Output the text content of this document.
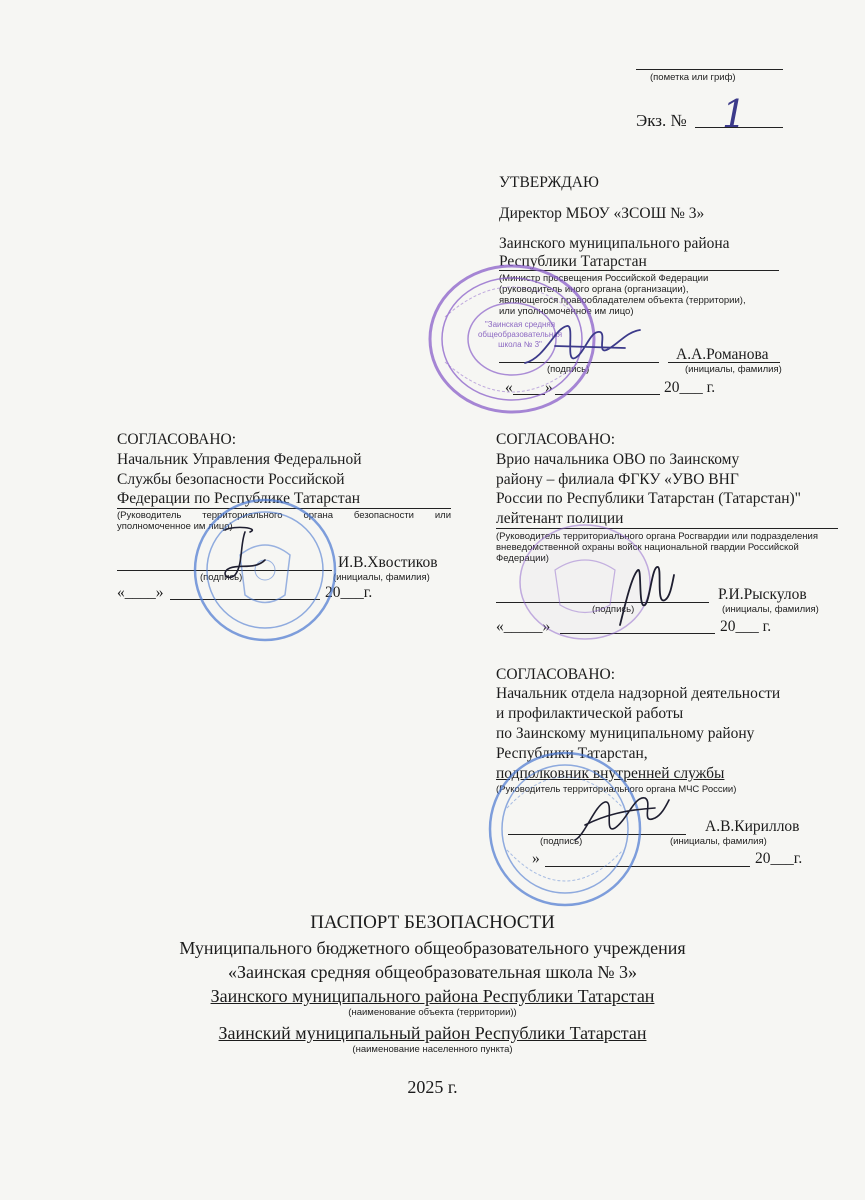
(пометка или гриф)
Экз. № 1
УТВЕРЖДАЮ
Директор МБОУ «ЗСОШ № 3»
Заинского муниципального района
Республики Татарстан
(Министр просвещения Российской Федерации
(руководитель иного органа (организации),
являющегося правообладателем объекта (территории),
или уполномоченное им лицо)
А.А.Романова
(подпись)	(инициалы, фамилия)
« »	20___ г.
"Заинская средняя общеобразовательная школа № 3"
СОГЛАСОВАНО:
Начальник Управления Федеральной
Службы безопасности Российской
Федерации по Республике Татарстан
(Руководитель территориального органа безопасности или уполномоченное им лицо)
И.В.Хвостиков
(подпись)	(инициалы, фамилия)
«____»	20___г.
СОГЛАСОВАНО:
Врио начальника ОВО по Заинскому
району – филиала ФГКУ «УВО ВНГ
России по Республики Татарстан (Татарстан)"
лейтенант полиции
(Руководитель территориального органа Росгвардии или подразделения вневедомственной охраны войск национальной гвардии Российской Федерации)
Р.И.Рыскулов
(подпись)	(инициалы, фамилия)
«_____»	20___ г.
СОГЛАСОВАНО:
Начальник отдела надзорной деятельности
и профилактической работы
по Заинскому муниципальному району
Республики Татарстан,
подполковник внутренней службы
(Руководитель территориального органа МЧС России)
А.В.Кириллов
(подпись)	(инициалы, фамилия)
»	20___г.
ПАСПОРТ БЕЗОПАСНОСТИ
Муниципального бюджетного общеобразовательного учреждения
«Заинская средняя общеобразовательная школа № 3»
Заинского муниципального района Республики Татарстан
(наименование объекта (территории))
Заинский муниципальный район Республики Татарстан
(наименование населенного пункта)
2025 г.
